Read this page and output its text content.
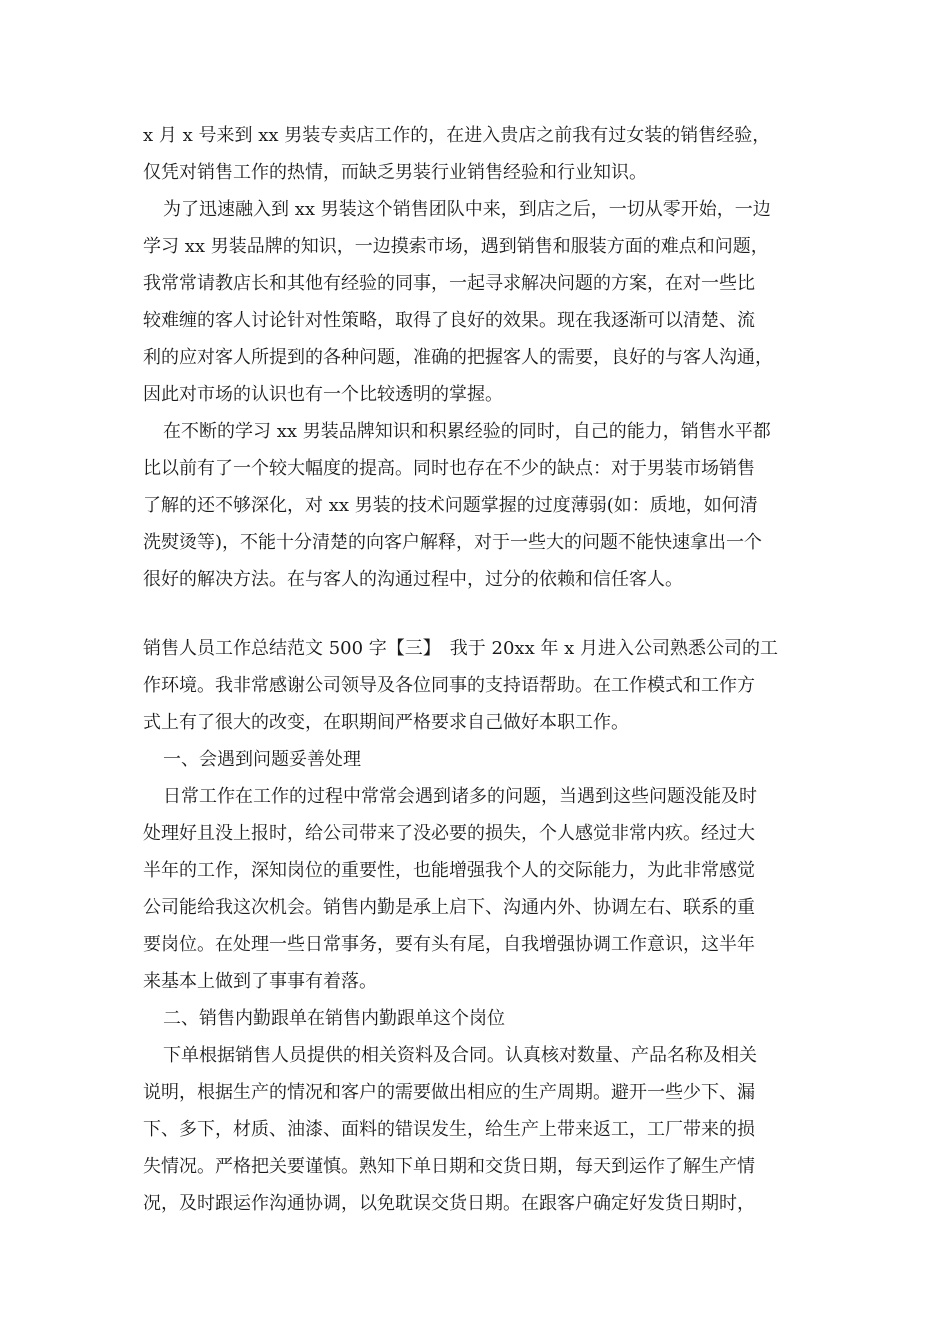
x 月 x 号来到 xx 男装专卖店工作的，在进入贵店之前我有过女装的销售经验，
仅凭对销售工作的热情，而缺乏男装行业销售经验和行业知识。
为了迅速融入到 xx 男装这个销售团队中来，到店之后，一切从零开始，一边
学习 xx 男装品牌的知识，一边摸索市场，遇到销售和服装方面的难点和问题，
我常常请教店长和其他有经验的同事，一起寻求解决问题的方案，在对一些比
较难缠的客人讨论针对性策略，取得了良好的效果。现在我逐渐可以清楚、流
利的应对客人所提到的各种问题，准确的把握客人的需要，良好的与客人沟通，
因此对市场的认识也有一个比较透明的掌握。
在不断的学习 xx 男装品牌知识和积累经验的同时，自己的能力，销售水平都
比以前有了一个较大幅度的提高。同时也存在不少的缺点：对于男装市场销售
了解的还不够深化，对 xx 男装的技术问题掌握的过度薄弱(如：质地，如何清
洗熨烫等)，不能十分清楚的向客户解释，对于一些大的问题不能快速拿出一个
很好的解决方法。在与客人的沟通过程中，过分的依赖和信任客人。
销售人员工作总结范文 500 字【三】　我于 20xx 年 x 月进入公司熟悉公司的工
作环境。我非常感谢公司领导及各位同事的支持语帮助。在工作模式和工作方
式上有了很大的改变，在职期间严格要求自己做好本职工作。
一、会遇到问题妥善处理
日常工作在工作的过程中常常会遇到诸多的问题，当遇到这些问题没能及时
处理好且没上报时，给公司带来了没必要的损失，个人感觉非常内疚。经过大
半年的工作，深知岗位的重要性，也能增强我个人的交际能力，为此非常感觉
公司能给我这次机会。销售内勤是承上启下、沟通内外、协调左右、联系的重
要岗位。在处理一些日常事务，要有头有尾，自我增强协调工作意识，这半年
来基本上做到了事事有着落。
二、销售内勤跟单在销售内勤跟单这个岗位
下单根据销售人员提供的相关资料及合同。认真核对数量、产品名称及相关
说明，根据生产的情况和客户的需要做出相应的生产周期。避开一些少下、漏
下、多下，材质、油漆、面料的错误发生，给生产上带来返工，工厂带来的损
失情况。严格把关要谨慎。熟知下单日期和交货日期，每天到运作了解生产情
况，及时跟运作沟通协调，以免耽误交货日期。在跟客户确定好发货日期时，
